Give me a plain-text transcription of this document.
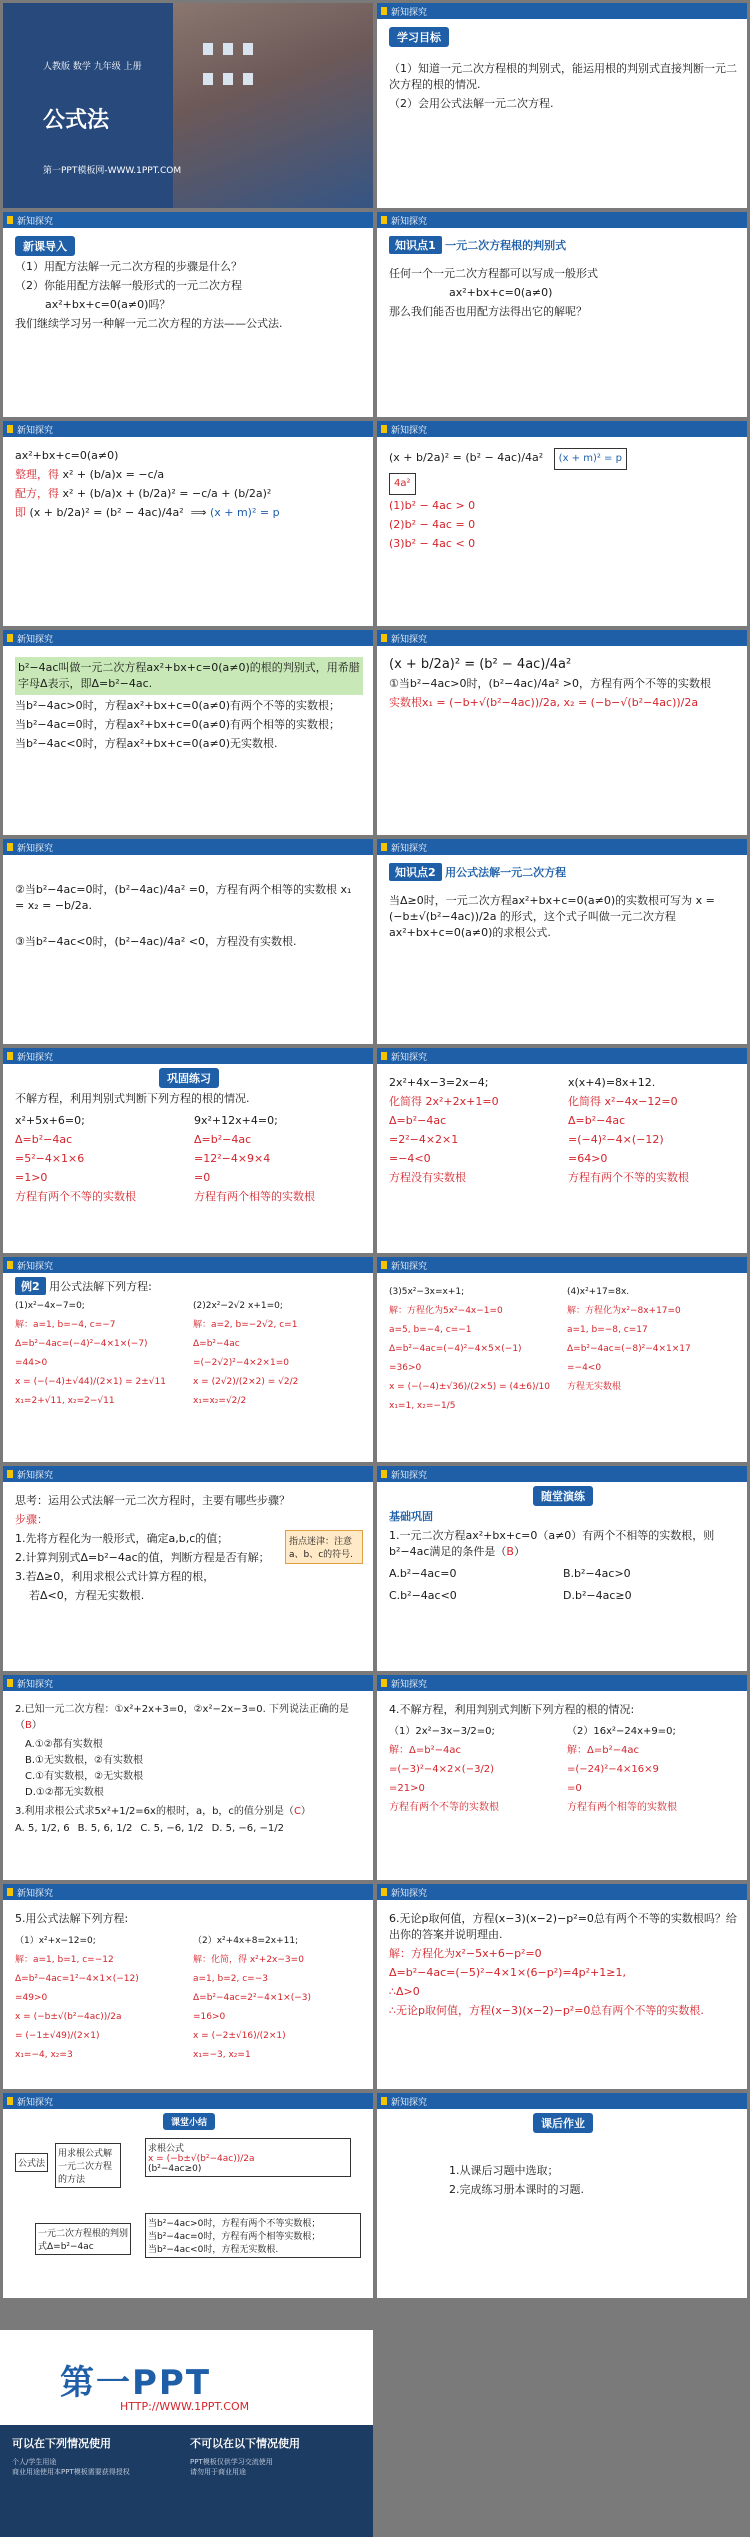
人教版 数学 九年级 上册
公式法
第一PPT模板网-WWW.1PPT.COM
新知探究
学习目标
（1）知道一元二次方程根的判别式，能运用根的判别式直接判断一元二次方程的根的情况.
（2）会用公式法解一元二次方程.
新知探究
新课导入
（1）用配方法解一元二次方程的步骤是什么？
（2）你能用配方法解一般形式的一元二次方程
ax²+bx+c=0(a≠0)吗？
我们继续学习另一种解一元二次方程的方法——公式法.
新知探究
知识点1 一元二次方程根的判别式
任何一个一元二次方程都可以写成一般形式
ax²+bx+c=0(a≠0)
那么我们能否也用配方法得出它的解呢？
新知探究
ax²+bx+c=0(a≠0)
整理，得 x² + (b/a)x = −c/a
配方，得 x² + (b/a)x + (b/2a)² = −c/a + (b/2a)²
即 (x + b/2a)² = (b² − 4ac)/4a²  ⟹ (x + m)² = p
新知探究
(x + b/2a)² = (b² − 4ac)/4a²   (x + m)² = p
4a²
(1)b² − 4ac > 0
(2)b² − 4ac = 0
(3)b² − 4ac < 0
新知探究
b²−4ac叫做一元二次方程ax²+bx+c=0(a≠0)的根的判别式，用希腊字母Δ表示，即Δ=b²−4ac.
当b²−4ac>0时，方程ax²+bx+c=0(a≠0)有两个不等的实数根；
当b²−4ac=0时，方程ax²+bx+c=0(a≠0)有两个相等的实数根；
当b²−4ac<0时，方程ax²+bx+c=0(a≠0)无实数根.
新知探究
(x + b/2a)² = (b² − 4ac)/4a²
①当b²−4ac>0时，(b²−4ac)/4a² >0，方程有两个不等的实数根
实数根x₁ = (−b+√(b²−4ac))/2a, x₂ = (−b−√(b²−4ac))/2a
新知探究
②当b²−4ac=0时，(b²−4ac)/4a² =0，方程有两个相等的实数根 x₁ = x₂ = −b/2a.
③当b²−4ac<0时，(b²−4ac)/4a² <0，方程没有实数根.
新知探究
知识点2 用公式法解一元二次方程
当Δ≥0时，一元二次方程ax²+bx+c=0(a≠0)的实数根可写为 x = (−b±√(b²−4ac))/2a 的形式，这个式子叫做一元二次方程ax²+bx+c=0(a≠0)的求根公式.
新知探究
巩固练习
不解方程，利用判别式判断下列方程的根的情况.
x²+5x+6=0;
Δ=b²−4ac
=5²−4×1×6
=1>0
方程有两个不等的实数根
9x²+12x+4=0;
Δ=b²−4ac
=12²−4×9×4
=0
方程有两个相等的实数根
新知探究
2x²+4x−3=2x−4;
化简得 2x²+2x+1=0
Δ=b²−4ac
=2²−4×2×1
=−4<0
方程没有实数根
x(x+4)=8x+12.
化简得 x²−4x−12=0
Δ=b²−4ac
=(−4)²−4×(−12)
=64>0
方程有两个不等的实数根
新知探究
例2 用公式法解下列方程:
(1)x²−4x−7=0;
解：a=1, b=−4, c=−7
Δ=b²−4ac=(−4)²−4×1×(−7)
=44>0
x = (−(−4)±√44)/(2×1) = 2±√11
x₁=2+√11, x₂=2−√11
(2)2x²−2√2 x+1=0;
解：a=2, b=−2√2, c=1
Δ=b²−4ac
=(−2√2)²−4×2×1=0
x = (2√2)/(2×2) = √2/2
x₁=x₂=√2/2
新知探究
(3)5x²−3x=x+1;
解：方程化为5x²−4x−1=0
a=5, b=−4, c=−1
Δ=b²−4ac=(−4)²−4×5×(−1)
=36>0
x = (−(−4)±√36)/(2×5) = (4±6)/10
x₁=1, x₂=−1/5
(4)x²+17=8x.
解：方程化为x²−8x+17=0
a=1, b=−8, c=17
Δ=b²−4ac=(−8)²−4×1×17
=−4<0
方程无实数根
新知探究
思考：运用公式法解一元二次方程时，主要有哪些步骤？
步骤：
1.先将方程化为一般形式，确定a,b,c的值；
2.计算判别式Δ=b²−4ac的值，判断方程是否有解；
3.若Δ≥0，利用求根公式计算方程的根，
若Δ<0，方程无实数根.
指点迷津：注意a、b、c的符号.
新知探究
随堂演练
基础巩固
1.一元二次方程ax²+bx+c=0（a≠0）有两个不相等的实数根，则b²−4ac满足的条件是（B）
A.b²−4ac=0	B.b²−4ac>0
C.b²−4ac<0	D.b²−4ac≥0
新知探究
2.已知一元二次方程：①x²+2x+3=0，②x²−2x−3=0. 下列说法正确的是（B）
A.①②都有实数根
B.①无实数根，②有实数根
C.①有实数根，②无实数根
D.①②都无实数根
3.利用求根公式求5x²+1/2=6x的根时，a，b，c的值分别是（C）
A. 5, 1/2, 6 B. 5, 6, 1/2 C. 5, −6, 1/2 D. 5, −6, −1/2
新知探究
4.不解方程，利用判别式判断下列方程的根的情况:
（1）2x²−3x−3/2=0;
解：Δ=b²−4ac
=(−3)²−4×2×(−3/2)
=21>0
方程有两个不等的实数根
（2）16x²−24x+9=0;
解：Δ=b²−4ac
=(−24)²−4×16×9
=0
方程有两个相等的实数根
新知探究
5.用公式法解下列方程:
（1）x²+x−12=0;
解：a=1, b=1, c=−12
Δ=b²−4ac=1²−4×1×(−12)
=49>0
x = (−b±√(b²−4ac))/2a
= (−1±√49)/(2×1)
x₁=−4, x₂=3
（2）x²+4x+8=2x+11;
解：化简，得 x²+2x−3=0
a=1, b=2, c=−3
Δ=b²−4ac=2²−4×1×(−3)
=16>0
x = (−2±√16)/(2×1)
x₁=−3, x₂=1
新知探究
6.无论p取何值，方程(x−3)(x−2)−p²=0总有两个不等的实数根吗？给出你的答案并说明理由.
解：方程化为x²−5x+6−p²=0
Δ=b²−4ac=(−5)²−4×1×(6−p²)=4p²+1≥1,
∴Δ>0
∴无论p取何值，方程(x−3)(x−2)−p²=0总有两个不等的实数根.
新知探究
课堂小结
公式法
用求根公式解一元二次方程的方法
求根公式
x = (−b±√(b²−4ac))/2a
(b²−4ac≥0)
一元二次方程根的判别式Δ=b²−4ac
当b²−4ac>0时，方程有两个不等实数根；
当b²−4ac=0时，方程有两个相等实数根；
当b²−4ac<0时，方程无实数根.
新知探究
课后作业
1.从课后习题中选取；
2.完成练习册本课时的习题.
第一PPT
HTTP://WWW.1PPT.COM
可以在下列情况使用
个人/学生用途
商业用途使用本PPT模板需要获得授权
不可以在以下情况使用
PPT模板仅供学习交流使用
请勿用于商业用途
